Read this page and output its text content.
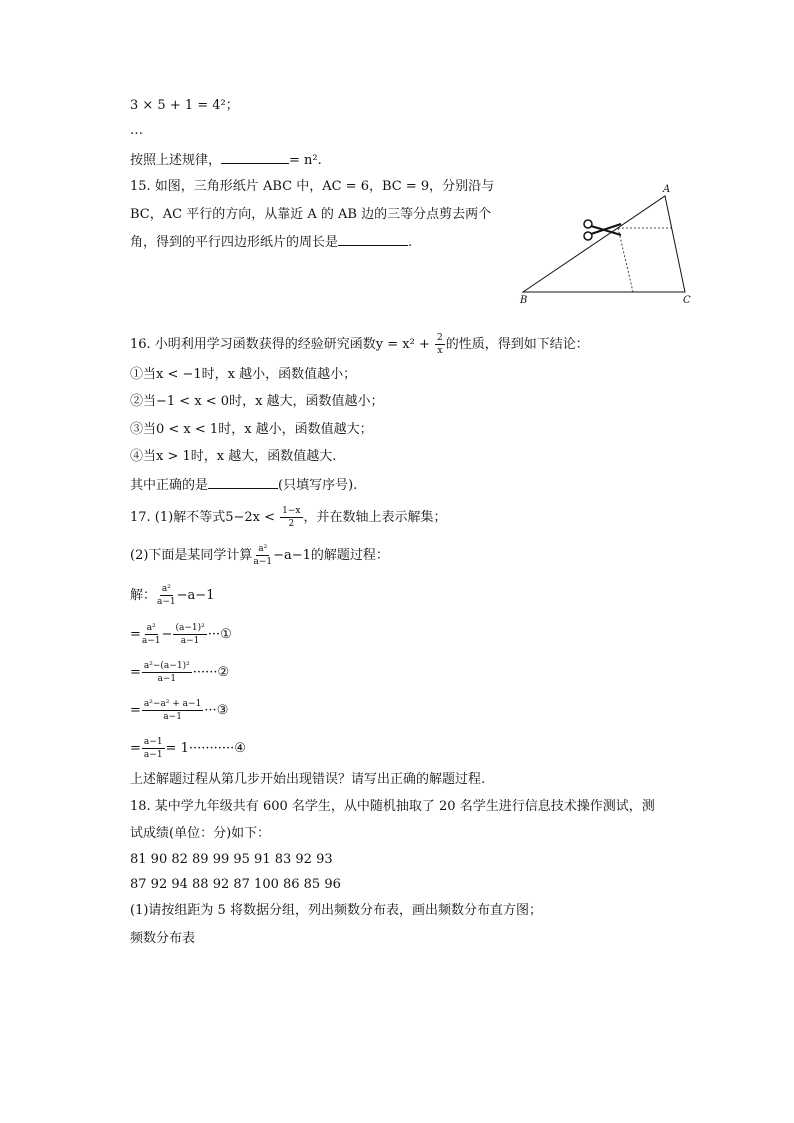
3 × 5 + 1 = 4²；
…
按照上述规律，	= n².
15. 如图，三角形纸片 ABC 中，AC = 6，BC = 9，分别沿与
BC，AC 平行的方向，从靠近 A 的 AB 边的三等分点剪去两个
角，得到的平行四边形纸片的周长是	.
A
B	C
16. 小明利用学习函数获得的经验研究函数$y = x^2 + \frac{2}{x}$ 的性质，得到如下结论：
①当x < −1时，x 越小，函数值越小；
②当−1 < x < 0时，x 越大，函数值越小；
③当0 < x < 1时，x 越小，函数值越大；
④当x > 1时，x 越大，函数值越大.
其中正确的是	(只填写序号).
17. (1)解不等式$5-2x < \frac{1-x}{2}$ ，并在数轴上表示解集；
(2)下面是某同学计算 $\frac{\text{a²}}{a-1} -a-1$的解题过程：
解： $\frac{\text{a²}}{a-1} -a-1$
= $\frac{\text{a²}}{a-1} - \frac{\text{(a−1)²}}{a-1}$ ···①
= $\frac{\text{a²−(a−1)²}}{a-1}$ ······②
= $\frac{\text{a²−a² + a−1}}{a-1}$ ···③
= $\frac{a-1}{a-1}$ = 1···········④
上述解题过程从第几步开始出现错误？请写出正确的解题过程.
18. 某中学九年级共有 600 名学生，从中随机抽取了 20 名学生进行信息技术操作测试，测
试成绩(单位：分)如下：
81 90 82 89 99 95 91 83 92 93
87 92 94 88 92 87 100 86 85 96
(1)请按组距为 5 将数据分组，列出频数分布表，画出频数分布直方图；
频数分布表
